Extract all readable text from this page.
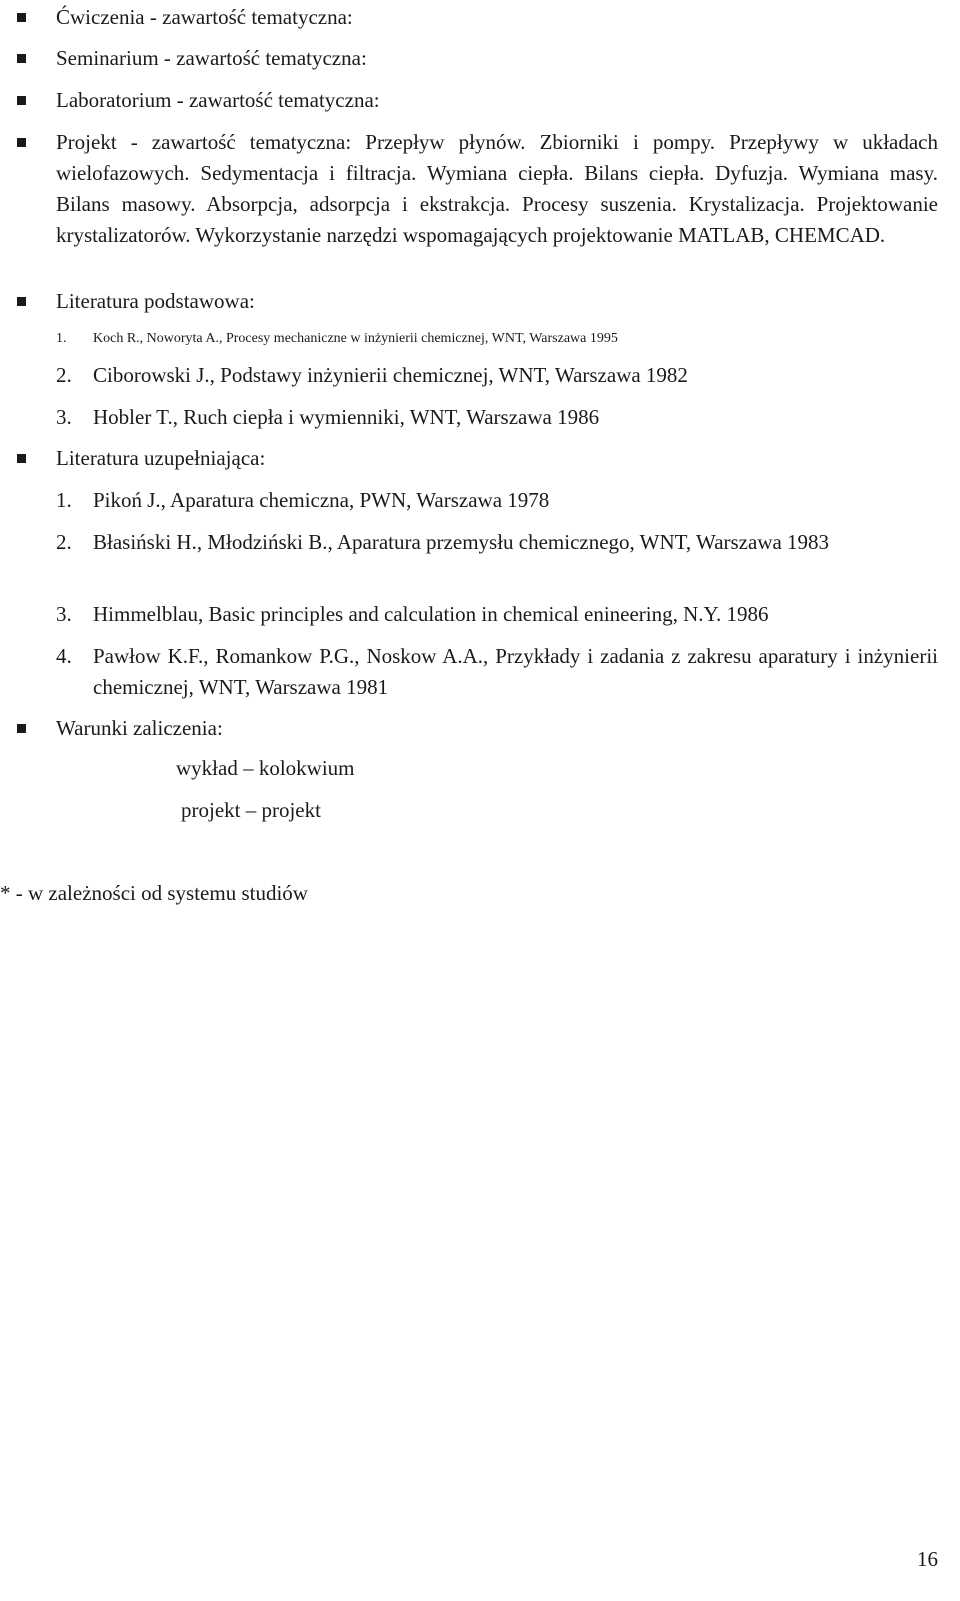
Ćwiczenia - zawartość tematyczna:
Seminarium - zawartość tematyczna:
Laboratorium - zawartość tematyczna:
Projekt - zawartość tematyczna: Przepływ płynów. Zbiorniki i pompy. Przepływy w układach wielofazowych. Sedymentacja i filtracja. Wymiana ciepła. Bilans ciepła. Dyfuzja. Wymiana masy. Bilans masowy. Absorpcja, adsorpcja i ekstrakcja. Procesy suszenia. Krystalizacja. Projektowanie krystalizatorów. Wykorzystanie narzędzi wspomagających projektowanie MATLAB, CHEMCAD.
Literatura podstawowa:
1. Koch R., Noworyta A., Procesy mechaniczne w inżynierii chemicznej, WNT, Warszawa 1995
2. Ciborowski J., Podstawy inżynierii chemicznej, WNT, Warszawa 1982
3. Hobler T., Ruch ciepła i wymienniki, WNT, Warszawa 1986
Literatura uzupełniająca:
1. Pikoń J., Aparatura chemiczna, PWN, Warszawa 1978
2. Błasiński H., Młodziński B., Aparatura przemysłu chemicznego, WNT, Warszawa 1983
3. Himmelblau, Basic principles and calculation in chemical enineering, N.Y. 1986
4. Pawłow K.F., Romankow P.G., Noskow A.A., Przykłady i zadania z zakresu aparatury i inżynierii chemicznej, WNT, Warszawa 1981
Warunki zaliczenia:
wykład – kolokwium
projekt – projekt
* - w zależności od systemu studiów
16
